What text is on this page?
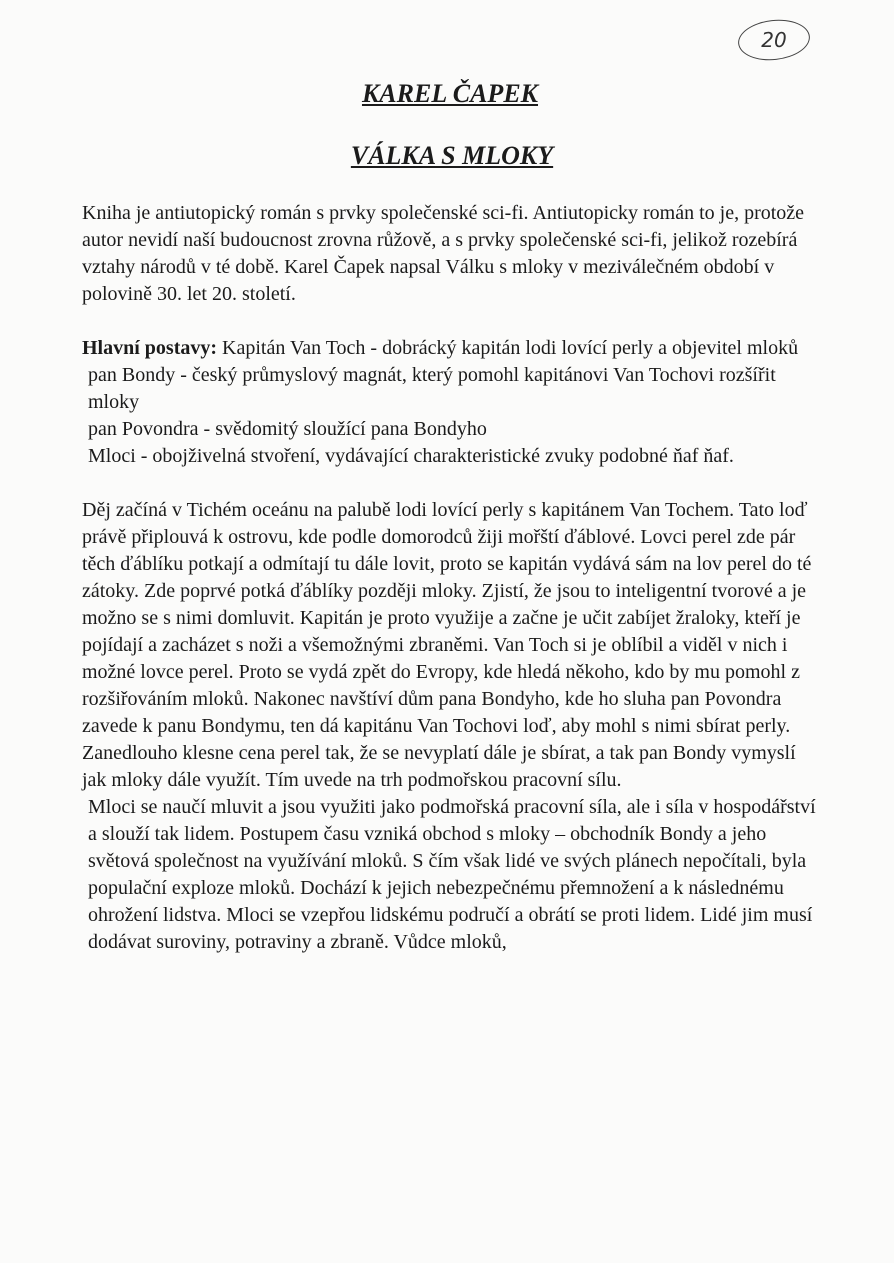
20
KAREL ČAPEK
VÁLKA S MLOKY

Kniha je antiutopický román s prvky společenské sci-fi. Antiutopicky román to je, protože autor nevidí naší budoucnost zrovna růžově, a s prvky společenské sci-fi, jelikož rozebírá vztahy národů v té době. Karel Čapek napsal Válku s mloky v meziválečném období v polovině 30. let 20. století.

Hlavní postavy: Kapitán Van Toch - dobrácký kapitán lodi lovící perly a objevitel mloků

pan Bondy - český průmyslový magnát, který pomohl kapitánovi Van Tochovi rozšířit mloky

pan Povondra - svědomitý sloužící pana Bondyho

Mloci - obojživelná stvoření, vydávající charakteristické zvuky podobné ňaf ňaf.

Děj začíná v Tichém oceánu na palubě lodi lovící perly s kapitánem Van Tochem. Tato loď právě připlouvá k ostrovu, kde podle domorodců žiji mořští ďáblové. Lovci perel zde pár těch ďáblíku potkají a odmítají tu dále lovit, proto se kapitán vydává sám na lov perel do té zátoky. Zde poprvé potká ďáblíky později mloky. Zjistí, že jsou to inteligentní tvorové a je možno se s nimi domluvit. Kapitán je proto využije a začne je učit zabíjet žraloky, kteří je pojídají a zacházet s noži a všemožnými zbraněmi. Van Toch si je oblíbil a viděl v nich i možné lovce perel. Proto se vydá zpět do Evropy, kde hledá někoho, kdo by mu pomohl z rozšiřováním mloků. Nakonec navštíví dům pana Bondyho, kde ho sluha pan Povondra zavede k panu Bondymu, ten dá kapitánu Van Tochovi loď, aby mohl s nimi sbírat perly. Zanedlouho klesne cena perel tak, že se nevyplatí dále je sbírat, a tak pan Bondy vymyslí jak mloky dále využít. Tím uvede na trh podmořskou pracovní sílu.

Mloci se naučí mluvit a jsou využiti jako podmořská pracovní síla, ale i síla v hospodářství a slouží tak lidem. Postupem času vzniká obchod s mloky – obchodník Bondy a jeho světová společnost na využívání mloků. S čím však lidé ve svých plánech nepočítali, byla populační exploze mloků. Dochází k jejich nebezpečnému přemnožení a k následnému ohrožení lidstva. Mloci se vzepřou lidskému područí a obrátí se proti lidem. Lidé jim musí dodávat suroviny, potraviny a zbraně. Vůdce mloků,
